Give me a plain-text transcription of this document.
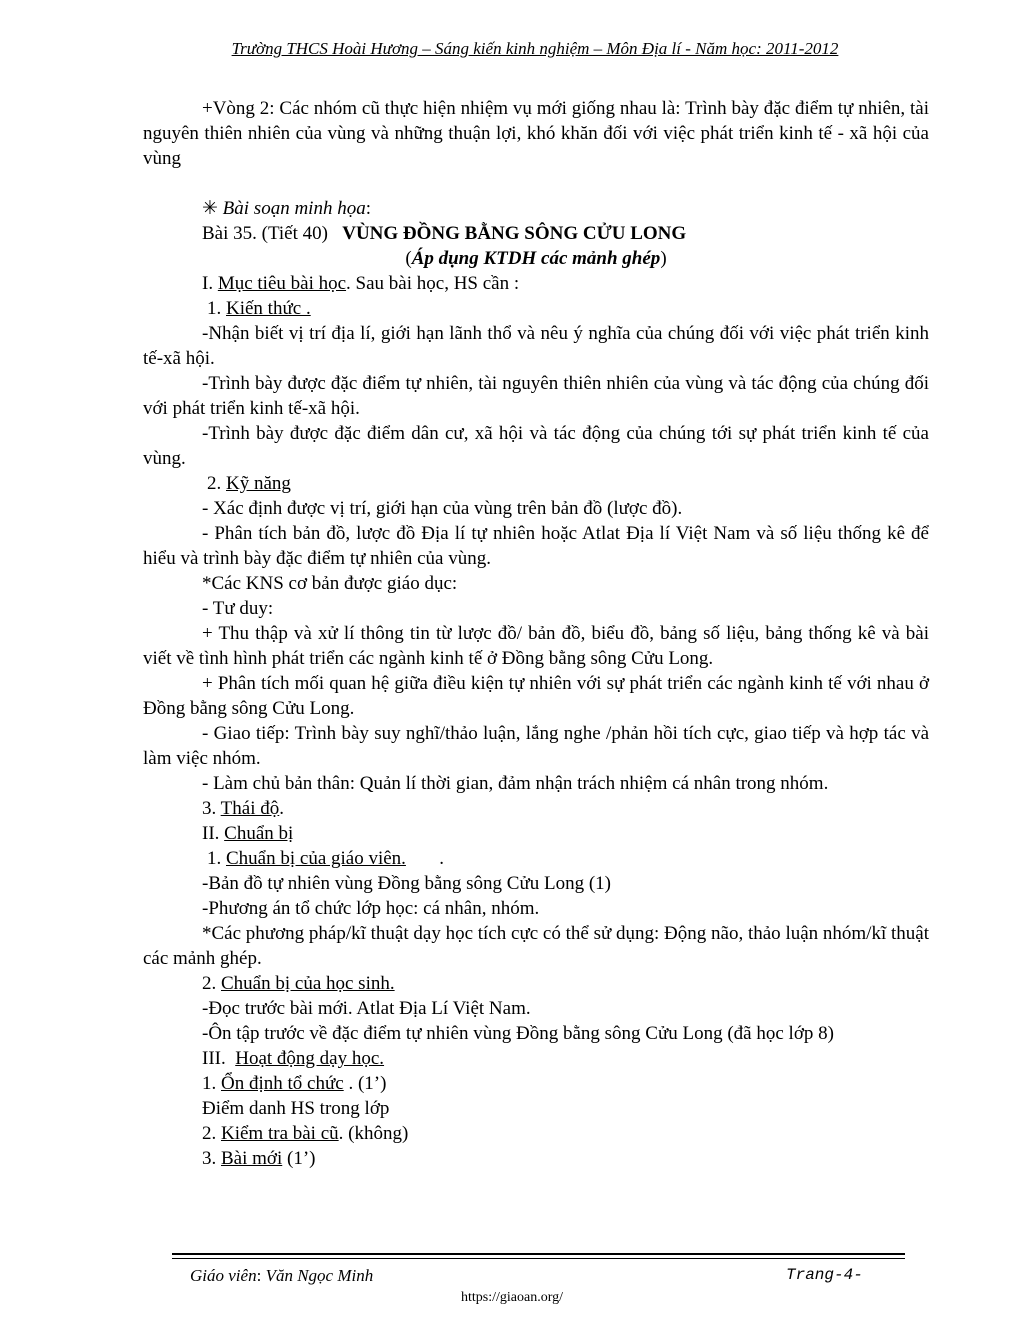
Trường THCS Hoài Hương – Sáng kiến kinh nghiệm – Môn Địa lí - Năm học: 2011-2012

+Vòng 2: Các nhóm cũ thực hiện nhiệm vụ mới giống nhau là: Trình bày đặc điểm tự nhiên, tài nguyên thiên nhiên của vùng và những thuận lợi, khó khăn đối với việc phát triển kinh tế - xã hội của vùng

✳ Bài soạn minh họa:

Bài 35. (Tiết 40) VÙNG ĐỒNG BẰNG SÔNG CỬU LONG

(Áp dụng KTDH các mảnh ghép)

I. Mục tiêu bài học. Sau bài học, HS cần :

1. Kiến thức .

-Nhận biết vị trí địa lí, giới hạn lãnh thổ và nêu ý nghĩa của chúng đối với việc phát triển kinh tế-xã hội.

-Trình bày được đặc điểm tự nhiên, tài nguyên thiên nhiên của vùng và tác động của chúng đối với phát triển kinh tế-xã hội.

-Trình bày được đặc điểm dân cư, xã hội và tác động của chúng tới sự phát triển kinh tế của vùng.

2. Kỹ năng

- Xác định được vị trí, giới hạn của vùng trên bản đồ (lược đồ).

- Phân tích bản đồ, lược đồ Địa lí tự nhiên hoặc Atlat Địa lí Việt Nam và số liệu thống kê để hiểu và trình bày đặc điểm tự nhiên của vùng.

*Các KNS cơ bản được giáo dục:

- Tư duy:

+ Thu thập và xử lí thông tin từ lược đồ/ bản đồ, biểu đồ, bảng số liệu, bảng thống kê và bài viết về tình hình phát triển các ngành kinh tế ở Đồng bằng sông Cửu Long.

+ Phân tích mối quan hệ giữa điều kiện tự nhiên với sự phát triển các ngành kinh tế với nhau ở Đồng bằng sông Cửu Long.

- Giao tiếp: Trình bày suy nghĩ/thảo luận, lắng nghe /phản hồi tích cực, giao tiếp và hợp tác và làm việc nhóm.

- Làm chủ bản thân: Quản lí thời gian, đảm nhận trách nhiệm cá nhân trong nhóm.

3. Thái độ.

II. Chuẩn bị

1. Chuẩn bị của giáo viên.       .

-Bản đồ tự nhiên vùng Đồng bằng sông Cửu Long (1)

-Phương án tổ chức lớp học: cá nhân, nhóm.

*Các phương pháp/kĩ thuật dạy học tích cực có thể sử dụng: Động não, thảo luận nhóm/kĩ thuật các mảnh ghép.

2. Chuẩn bị của học sinh.

-Đọc trước bài mới. Atlat Địa Lí Việt Nam.

-Ôn tập trước về đặc điểm tự nhiên vùng Đồng bằng sông Cửu Long (đã học lớp 8)

III.  Hoạt động dạy học.

1. Ổn định tổ chức . (1’)

Điểm danh HS trong lớp

2. Kiểm tra bài cũ. (không)

3. Bài mới (1’)

Giáo viên: Văn Ngọc Minh	Trang-4-
https://giaoan.org/
